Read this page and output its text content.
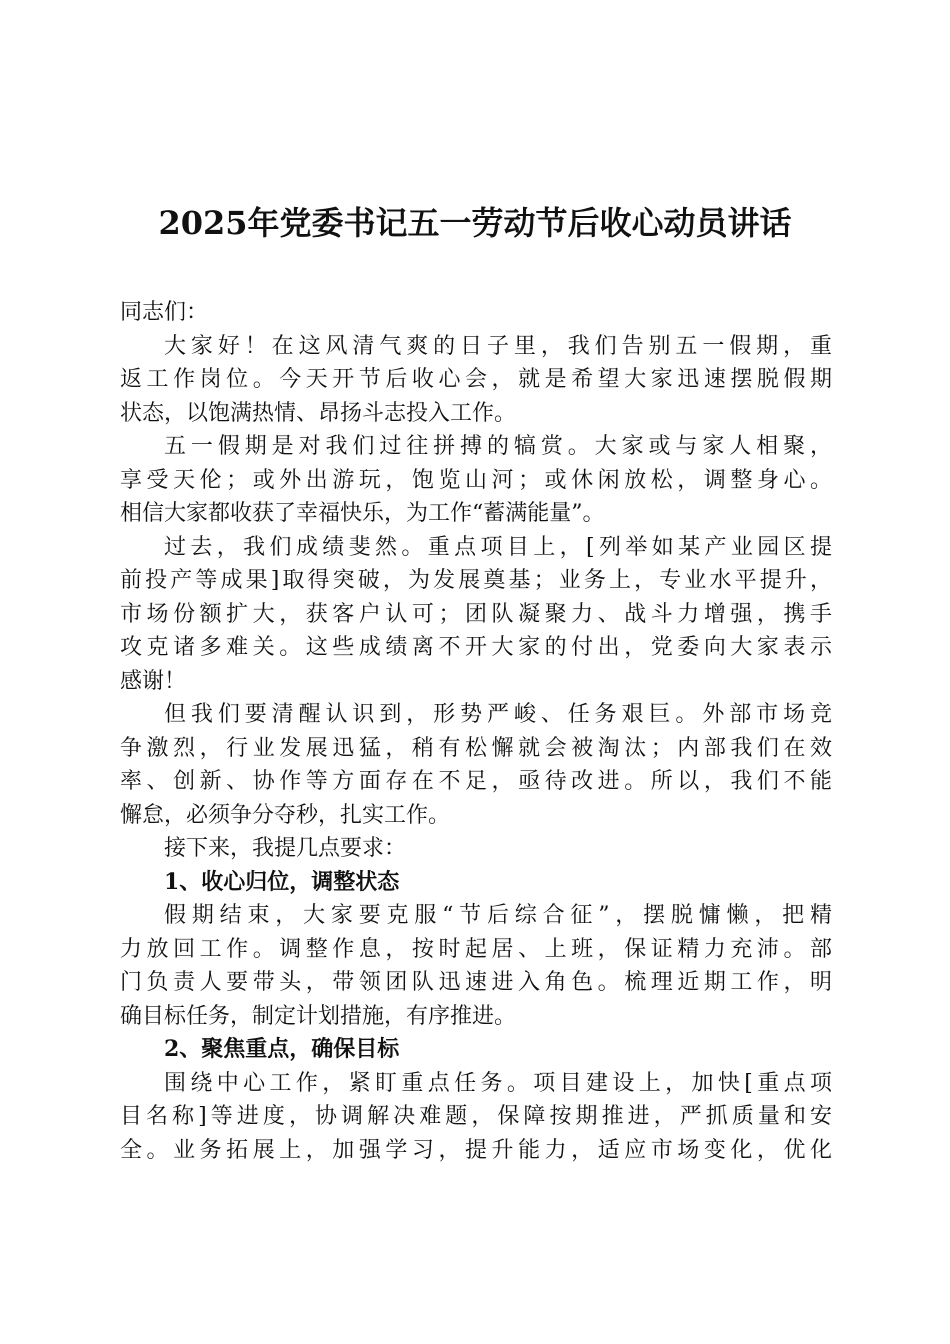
2025年党委书记五一劳动节后收心动员讲话
同志们：
大家好！在这风清气爽的日子里，我们告别五一假期，重
返工作岗位。今天开节后收心会，就是希望大家迅速摆脱假期
状态，以饱满热情、昂扬斗志投入工作。
五一假期是对我们过往拼搏的犒赏。大家或与家人相聚，
享受天伦；或外出游玩，饱览山河；或休闲放松，调整身心。
相信大家都收获了幸福快乐，为工作“蓄满能量”。
过去，我们成绩斐然。重点项目上，[列举如某产业园区提
前投产等成果]取得突破，为发展奠基；业务上，专业水平提升，
市场份额扩大，获客户认可；团队凝聚力、战斗力增强，携手
攻克诸多难关。这些成绩离不开大家的付出，党委向大家表示
感谢！
但我们要清醒认识到，形势严峻、任务艰巨。外部市场竞
争激烈，行业发展迅猛，稍有松懈就会被淘汰；内部我们在效
率、创新、协作等方面存在不足，亟待改进。所以，我们不能
懈怠，必须争分夺秒，扎实工作。
接下来，我提几点要求：
1、收心归位，调整状态
假期结束，大家要克服“节后综合征”，摆脱慵懒，把精
力放回工作。调整作息，按时起居、上班，保证精力充沛。部
门负责人要带头，带领团队迅速进入角色。梳理近期工作，明
确目标任务，制定计划措施，有序推进。
2、聚焦重点，确保目标
围绕中心工作，紧盯重点任务。项目建设上，加快[重点项
目名称]等进度，协调解决难题，保障按期推进，严抓质量和安
全。业务拓展上，加强学习，提升能力，适应市场变化，优化
